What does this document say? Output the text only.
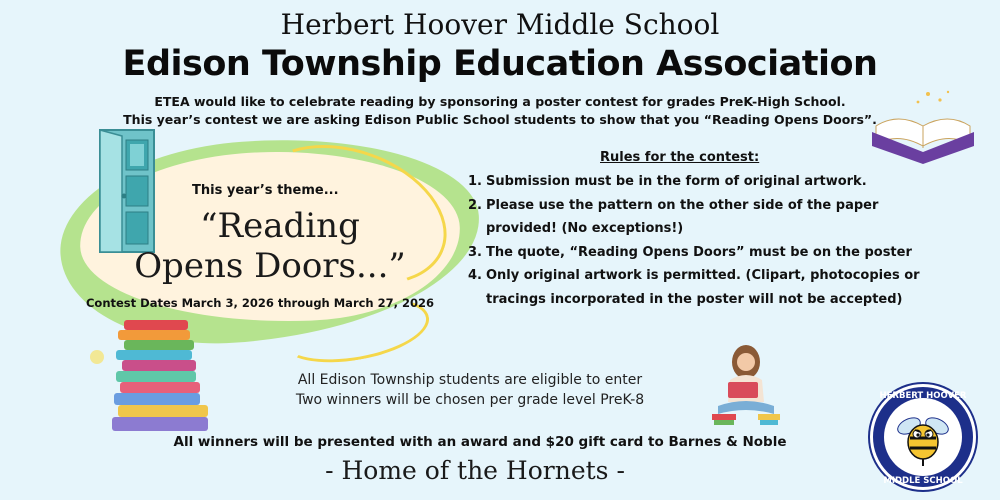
Herbert Hoover Middle School
Edison Township Education Association
ETEA would like to celebrate reading by sponsoring a poster contest for grades PreK-High School.
This year’s contest we are asking Edison Public School students to show that you “Reading Opens Doors”.
This year’s theme...
“Reading
Opens Doors...”
Contest Dates March 3, 2026 through March 27, 2026
Rules for the contest:
1. Submission must be in the form of original artwork.
2. Please use the pattern on the other side of the paper provided! (No exceptions!)
3. The quote, “Reading Opens Doors” must be on the poster
4. Only original artwork is permitted. (Clipart, photocopies or tracings incorporated in the poster will not be accepted)
All Edison Township students are eligible to enter
Two winners will be chosen per grade level PreK-8
All winners will be presented with an award and $20 gift card to Barnes & Noble
- Home of the Hornets -
HERBERT HOOVER
MIDDLE SCHOOL
